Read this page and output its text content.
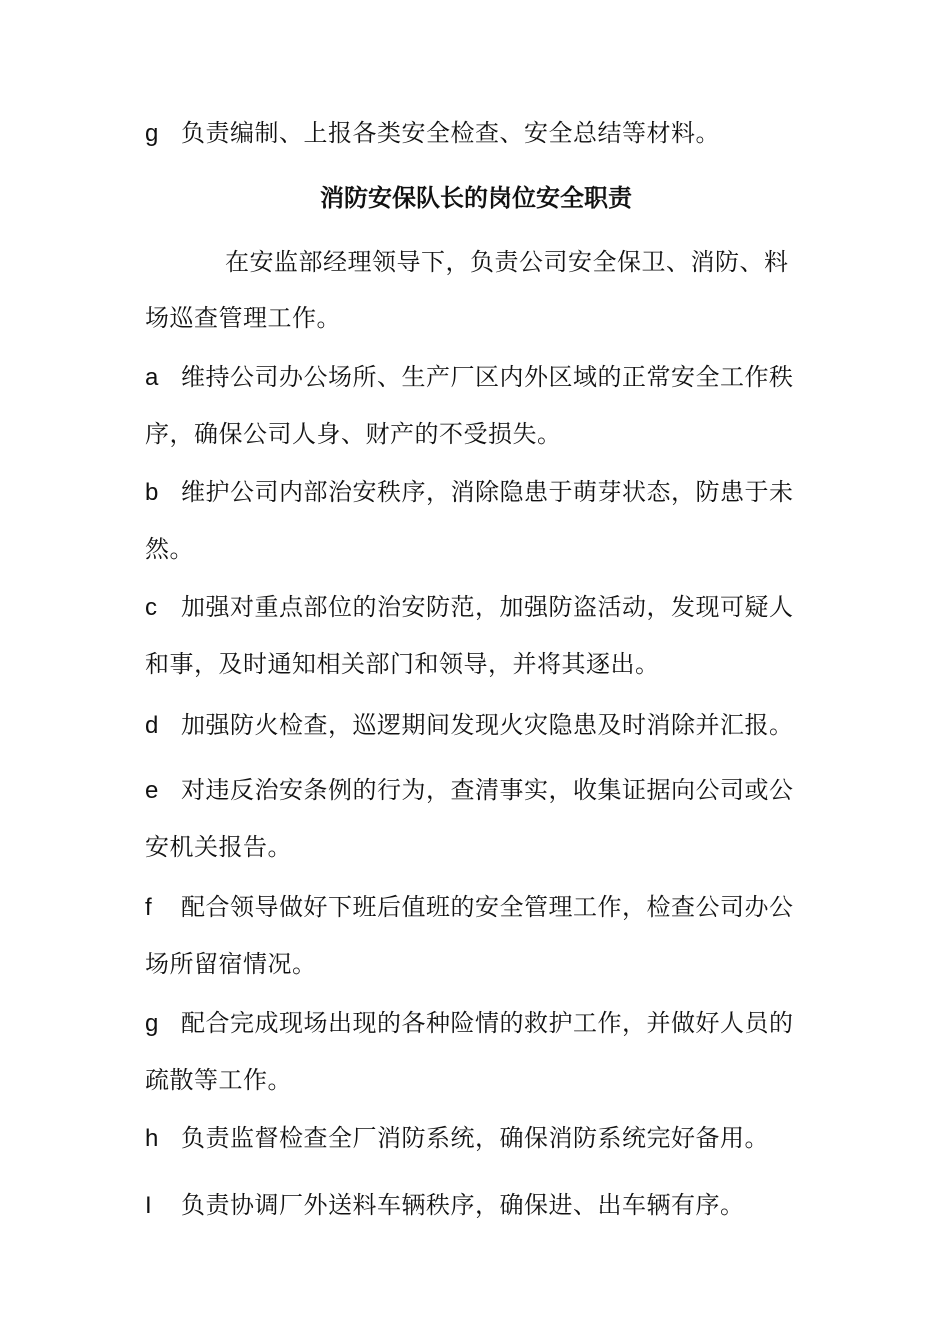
g 负责编制、上报各类安全检查、安全总结等材料。
消防安保队长的岗位安全职责
在安监部经理领导下，负责公司安全保卫、消防、料场巡查管理工作。
a 维持公司办公场所、生产厂区内外区域的正常安全工作秩序，确保公司人身、财产的不受损失。
b 维护公司内部治安秩序，消除隐患于萌芽状态，防患于未然。
c 加强对重点部位的治安防范，加强防盗活动，发现可疑人和事，及时通知相关部门和领导，并将其逐出。
d 加强防火检查，巡逻期间发现火灾隐患及时消除并汇报。
e 对违反治安条例的行为，查清事实，收集证据向公司或公安机关报告。
f 配合领导做好下班后值班的安全管理工作，检查公司办公场所留宿情况。
g 配合完成现场出现的各种险情的救护工作，并做好人员的疏散等工作。
h 负责监督检查全厂消防系统，确保消防系统完好备用。
I 负责协调厂外送料车辆秩序，确保进、出车辆有序。
